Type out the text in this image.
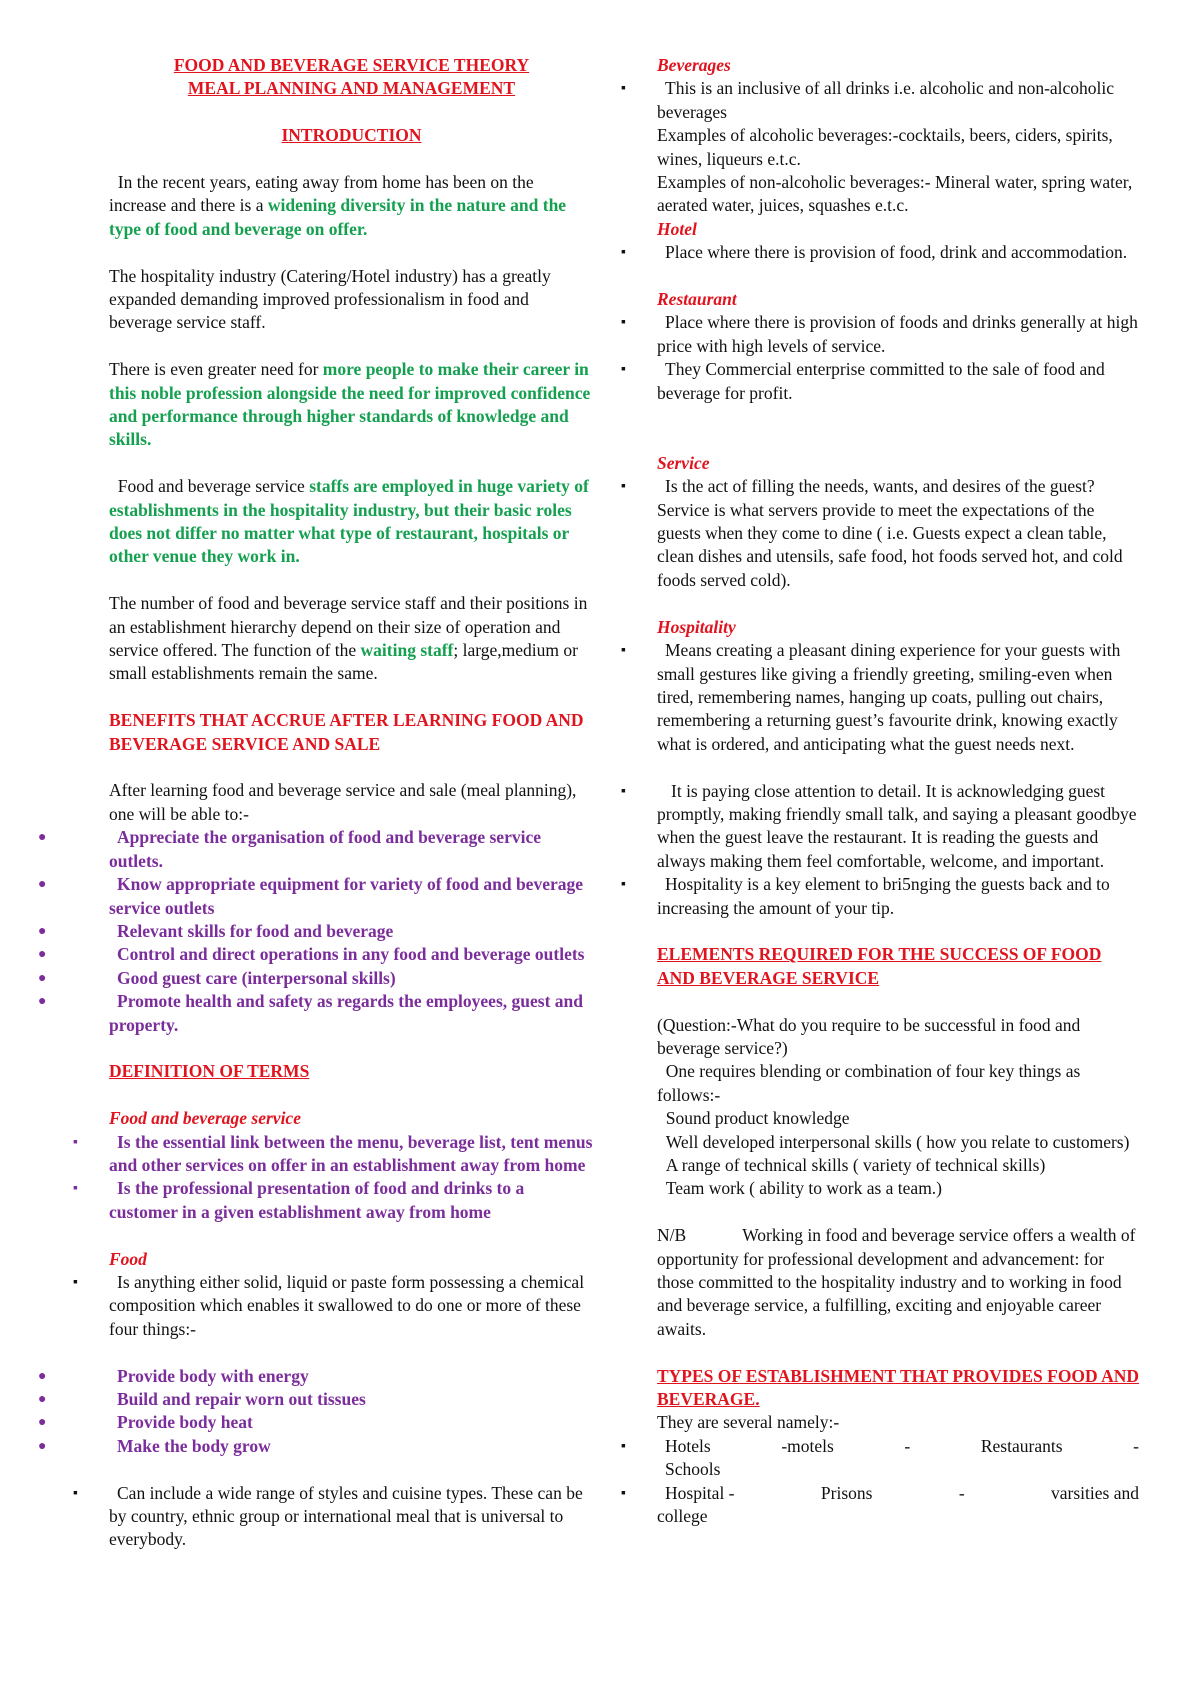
FOOD AND BEVERAGE SERVICE THEORY
MEAL PLANNING AND MANAGEMENT
INTRODUCTION

In the recent years, eating away from home has been on the increase and there is a widening diversity in the nature and the type of food and beverage on offer.

The hospitality industry (Catering/Hotel industry) has a greatly expanded demanding improved professionalism in food and beverage service staff.

There is even greater need for more people to make their career in this noble profession alongside the need for improved confidence and performance through higher standards of knowledge and skills.

Food and beverage service staffs are employed in huge variety of establishments in the hospitality industry, but their basic roles does not differ no matter what type of restaurant, hospitals or other venue they work in.

The number of food and beverage service staff and their positions in an establishment hierarchy depend on their size of operation and service offered. The function of the waiting staff; large,medium or small establishments remain the same.

BENEFITS THAT ACCRUE AFTER LEARNING FOOD AND BEVERAGE SERVICE AND SALE

After learning food and beverage service and sale (meal planning), one will be able to:-

●	Appreciate the organisation of food and beverage service outlets.
●	Know appropriate equipment for variety of food and beverage service outlets
●	Relevant skills for food and beverage
●	Control and direct operations in any food and beverage outlets
●	Good guest care (interpersonal skills)
●	Promote health and safety as regards the employees, guest and property.

DEFINITION OF TERMS

Food and beverage service

▪ Is the essential link between the menu, beverage list, tent menus and other services on offer in an establishment away from home
▪ Is the professional presentation of food and drinks to a customer in a given establishment away from home

Food

▪ Is anything either solid, liquid or paste form possessing a chemical composition which enables it swallowed to do one or more of these four things:-
●	Provide body with energy
●	Build and repair worn out tissues
●	Provide body heat
●	Make the body grow
▪ Can include a wide range of styles and cuisine types. These can be by country, ethnic group or international meal that is universal to everybody.

Beverages

▪ This is an inclusive of all drinks i.e. alcoholic and non-alcoholic beverages

Examples of alcoholic beverages:-cocktails, beers, ciders, spirits, wines, liqueurs e.t.c.

Examples of non-alcoholic beverages:- Mineral water, spring water, aerated water, juices, squashes e.t.c.

Hotel

▪ Place where there is provision of food, drink and accommodation.

Restaurant

▪ Place where there is provision of foods and drinks generally at high price with high levels of service.
▪ They Commercial enterprise committed to the sale of food and beverage for profit.

Service

▪ Is the act of filling the needs, wants, and desires of the guest? Service is what servers provide to meet the expectations of the guests when they come to dine ( i.e. Guests expect a clean table, clean dishes and utensils, safe food, hot foods served hot, and cold foods served cold).

Hospitality

▪ Means creating a pleasant dining experience for your guests with small gestures like giving a friendly greeting, smiling-even when tired, remembering names, hanging up coats, pulling out chairs, remembering a returning guest’s favourite drink, knowing exactly what is ordered, and anticipating what the guest needs next.
▪	It is paying close attention to detail. It is acknowledging guest promptly, making friendly small talk, and saying a pleasant goodbye when the guest leave the restaurant. It is reading the guests and always making them feel comfortable, welcome, and important.
▪ Hospitality is a key element to bri5nging the guests back and to increasing the amount of your tip.

ELEMENTS REQUIRED FOR THE SUCCESS OF FOOD AND BEVERAGE SERVICE

(Question:-What do you require to be successful in food and beverage service?)

One requires blending or combination of four key things as follows:-

Sound product knowledge

Well developed interpersonal skills ( how you relate to customers)

A range of technical skills ( variety of technical skills)

Team work ( ability to work as a team.)

N/B	Working in food and beverage service offers a wealth of opportunity for professional development and advancement: for those committed to the hospitality industry and to working in food and beverage service, a fulfilling, exciting and enjoyable career awaits.

TYPES OF ESTABLISHMENT THAT PROVIDES FOOD AND BEVERAGE.

They are several namely:-

▪ Hotels	-motels	-	Restaurants	-
Schools
▪ Hospital -	Prisons	-	varsities and
college
